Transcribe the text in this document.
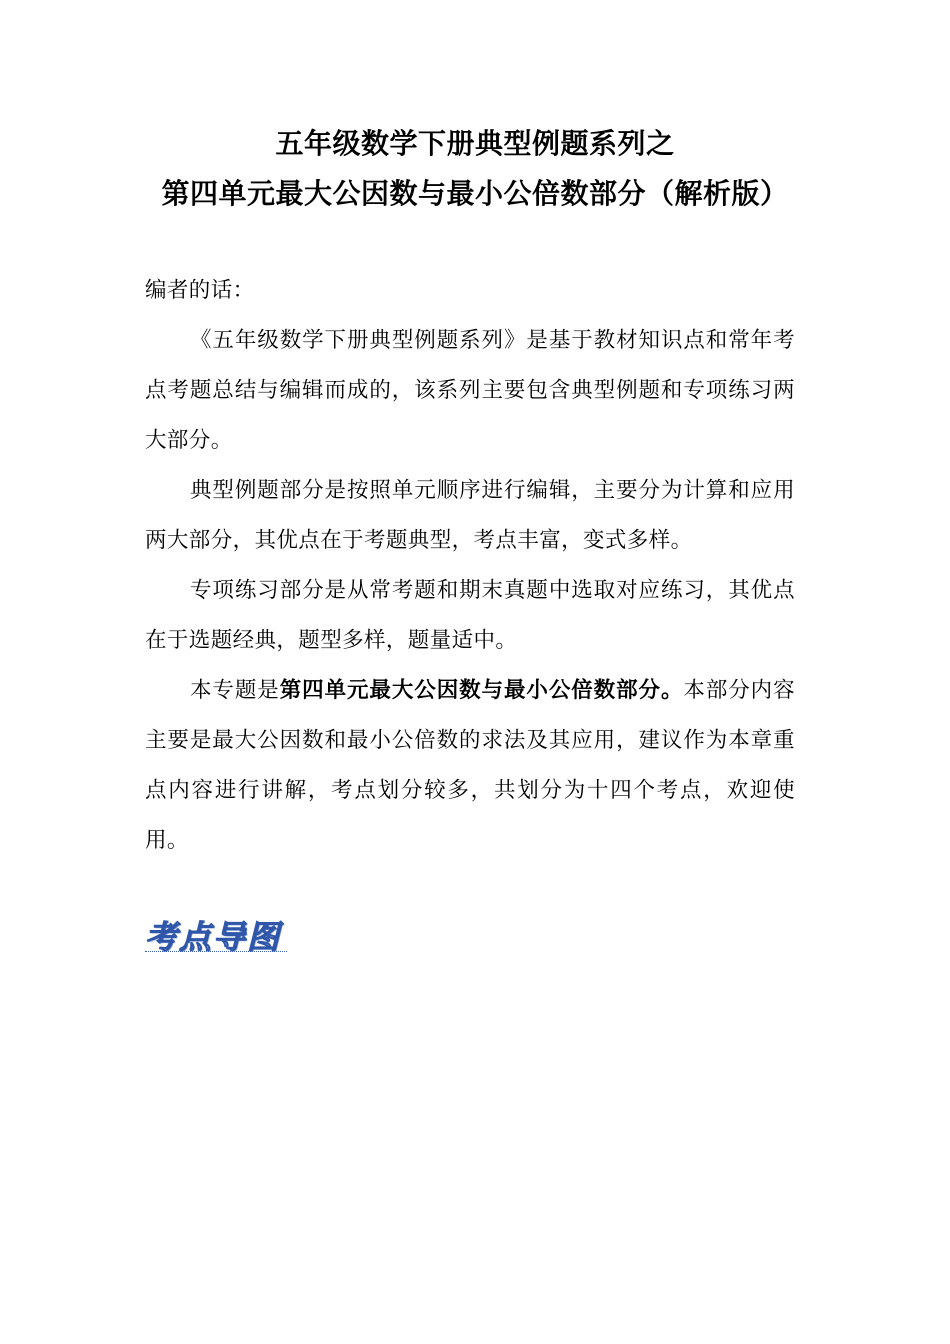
五年级数学下册典型例题系列之
第四单元最大公因数与最小公倍数部分（解析版）

编者的话：

《五年级数学下册典型例题系列》是基于教材知识点和常年考点考题总结与编辑而成的，该系列主要包含典型例题和专项练习两大部分。

典型例题部分是按照单元顺序进行编辑，主要分为计算和应用两大部分，其优点在于考题典型，考点丰富，变式多样。

专项练习部分是从常考题和期末真题中选取对应练习，其优点在于选题经典，题型多样，题量适中。

本专题是第四单元最大公因数与最小公倍数部分。本部分内容主要是最大公因数和最小公倍数的求法及其应用，建议作为本章重点内容进行讲解，考点划分较多，共划分为十四个考点，欢迎使用。

考点导图
